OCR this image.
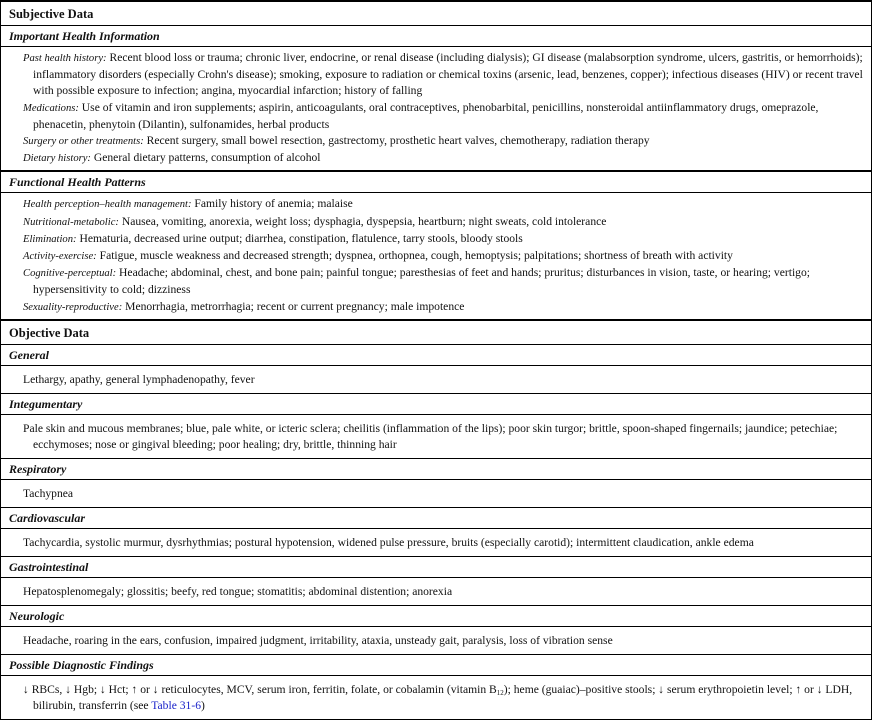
Subjective Data
Important Health Information
Past health history: Recent blood loss or trauma; chronic liver, endocrine, or renal disease (including dialysis); GI disease (malabsorption syndrome, ulcers, gastritis, or hemorrhoids); inflammatory disorders (especially Crohn's disease); smoking, exposure to radiation or chemical toxins (arsenic, lead, benzenes, copper); infectious diseases (HIV) or recent travel with possible exposure to infection; angina, myocardial infarction; history of falling
Medications: Use of vitamin and iron supplements; aspirin, anticoagulants, oral contraceptives, phenobarbital, penicillins, nonsteroidal antiinflammatory drugs, omeprazole, phenacetin, phenytoin (Dilantin), sulfonamides, herbal products
Surgery or other treatments: Recent surgery, small bowel resection, gastrectomy, prosthetic heart valves, chemotherapy, radiation therapy
Dietary history: General dietary patterns, consumption of alcohol
Functional Health Patterns
Health perception–health management: Family history of anemia; malaise
Nutritional-metabolic: Nausea, vomiting, anorexia, weight loss; dysphagia, dyspepsia, heartburn; night sweats, cold intolerance
Elimination: Hematuria, decreased urine output; diarrhea, constipation, flatulence, tarry stools, bloody stools
Activity-exercise: Fatigue, muscle weakness and decreased strength; dyspnea, orthopnea, cough, hemoptysis; palpitations; shortness of breath with activity
Cognitive-perceptual: Headache; abdominal, chest, and bone pain; painful tongue; paresthesias of feet and hands; pruritus; disturbances in vision, taste, or hearing; vertigo; hypersensitivity to cold; dizziness
Sexuality-reproductive: Menorrhagia, metrorrhagia; recent or current pregnancy; male impotence
Objective Data
General
Lethargy, apathy, general lymphadenopathy, fever
Integumentary
Pale skin and mucous membranes; blue, pale white, or icteric sclera; cheilitis (inflammation of the lips); poor skin turgor; brittle, spoon-shaped fingernails; jaundice; petechiae; ecchymoses; nose or gingival bleeding; poor healing; dry, brittle, thinning hair
Respiratory
Tachypnea
Cardiovascular
Tachycardia, systolic murmur, dysrhythmias; postural hypotension, widened pulse pressure, bruits (especially carotid); intermittent claudication, ankle edema
Gastrointestinal
Hepatosplenomegaly; glossitis; beefy, red tongue; stomatitis; abdominal distention; anorexia
Neurologic
Headache, roaring in the ears, confusion, impaired judgment, irritability, ataxia, unsteady gait, paralysis, loss of vibration sense
Possible Diagnostic Findings
↓ RBCs, ↓ Hgb; ↓ Hct; ↑ or ↓ reticulocytes, MCV, serum iron, ferritin, folate, or cobalamin (vitamin $B_{12}$); heme (guaiac)–positive stools; ↓ serum erythropoietin level; ↑ or ↓ LDH, bilirubin, transferrin (see Table 31-6)
